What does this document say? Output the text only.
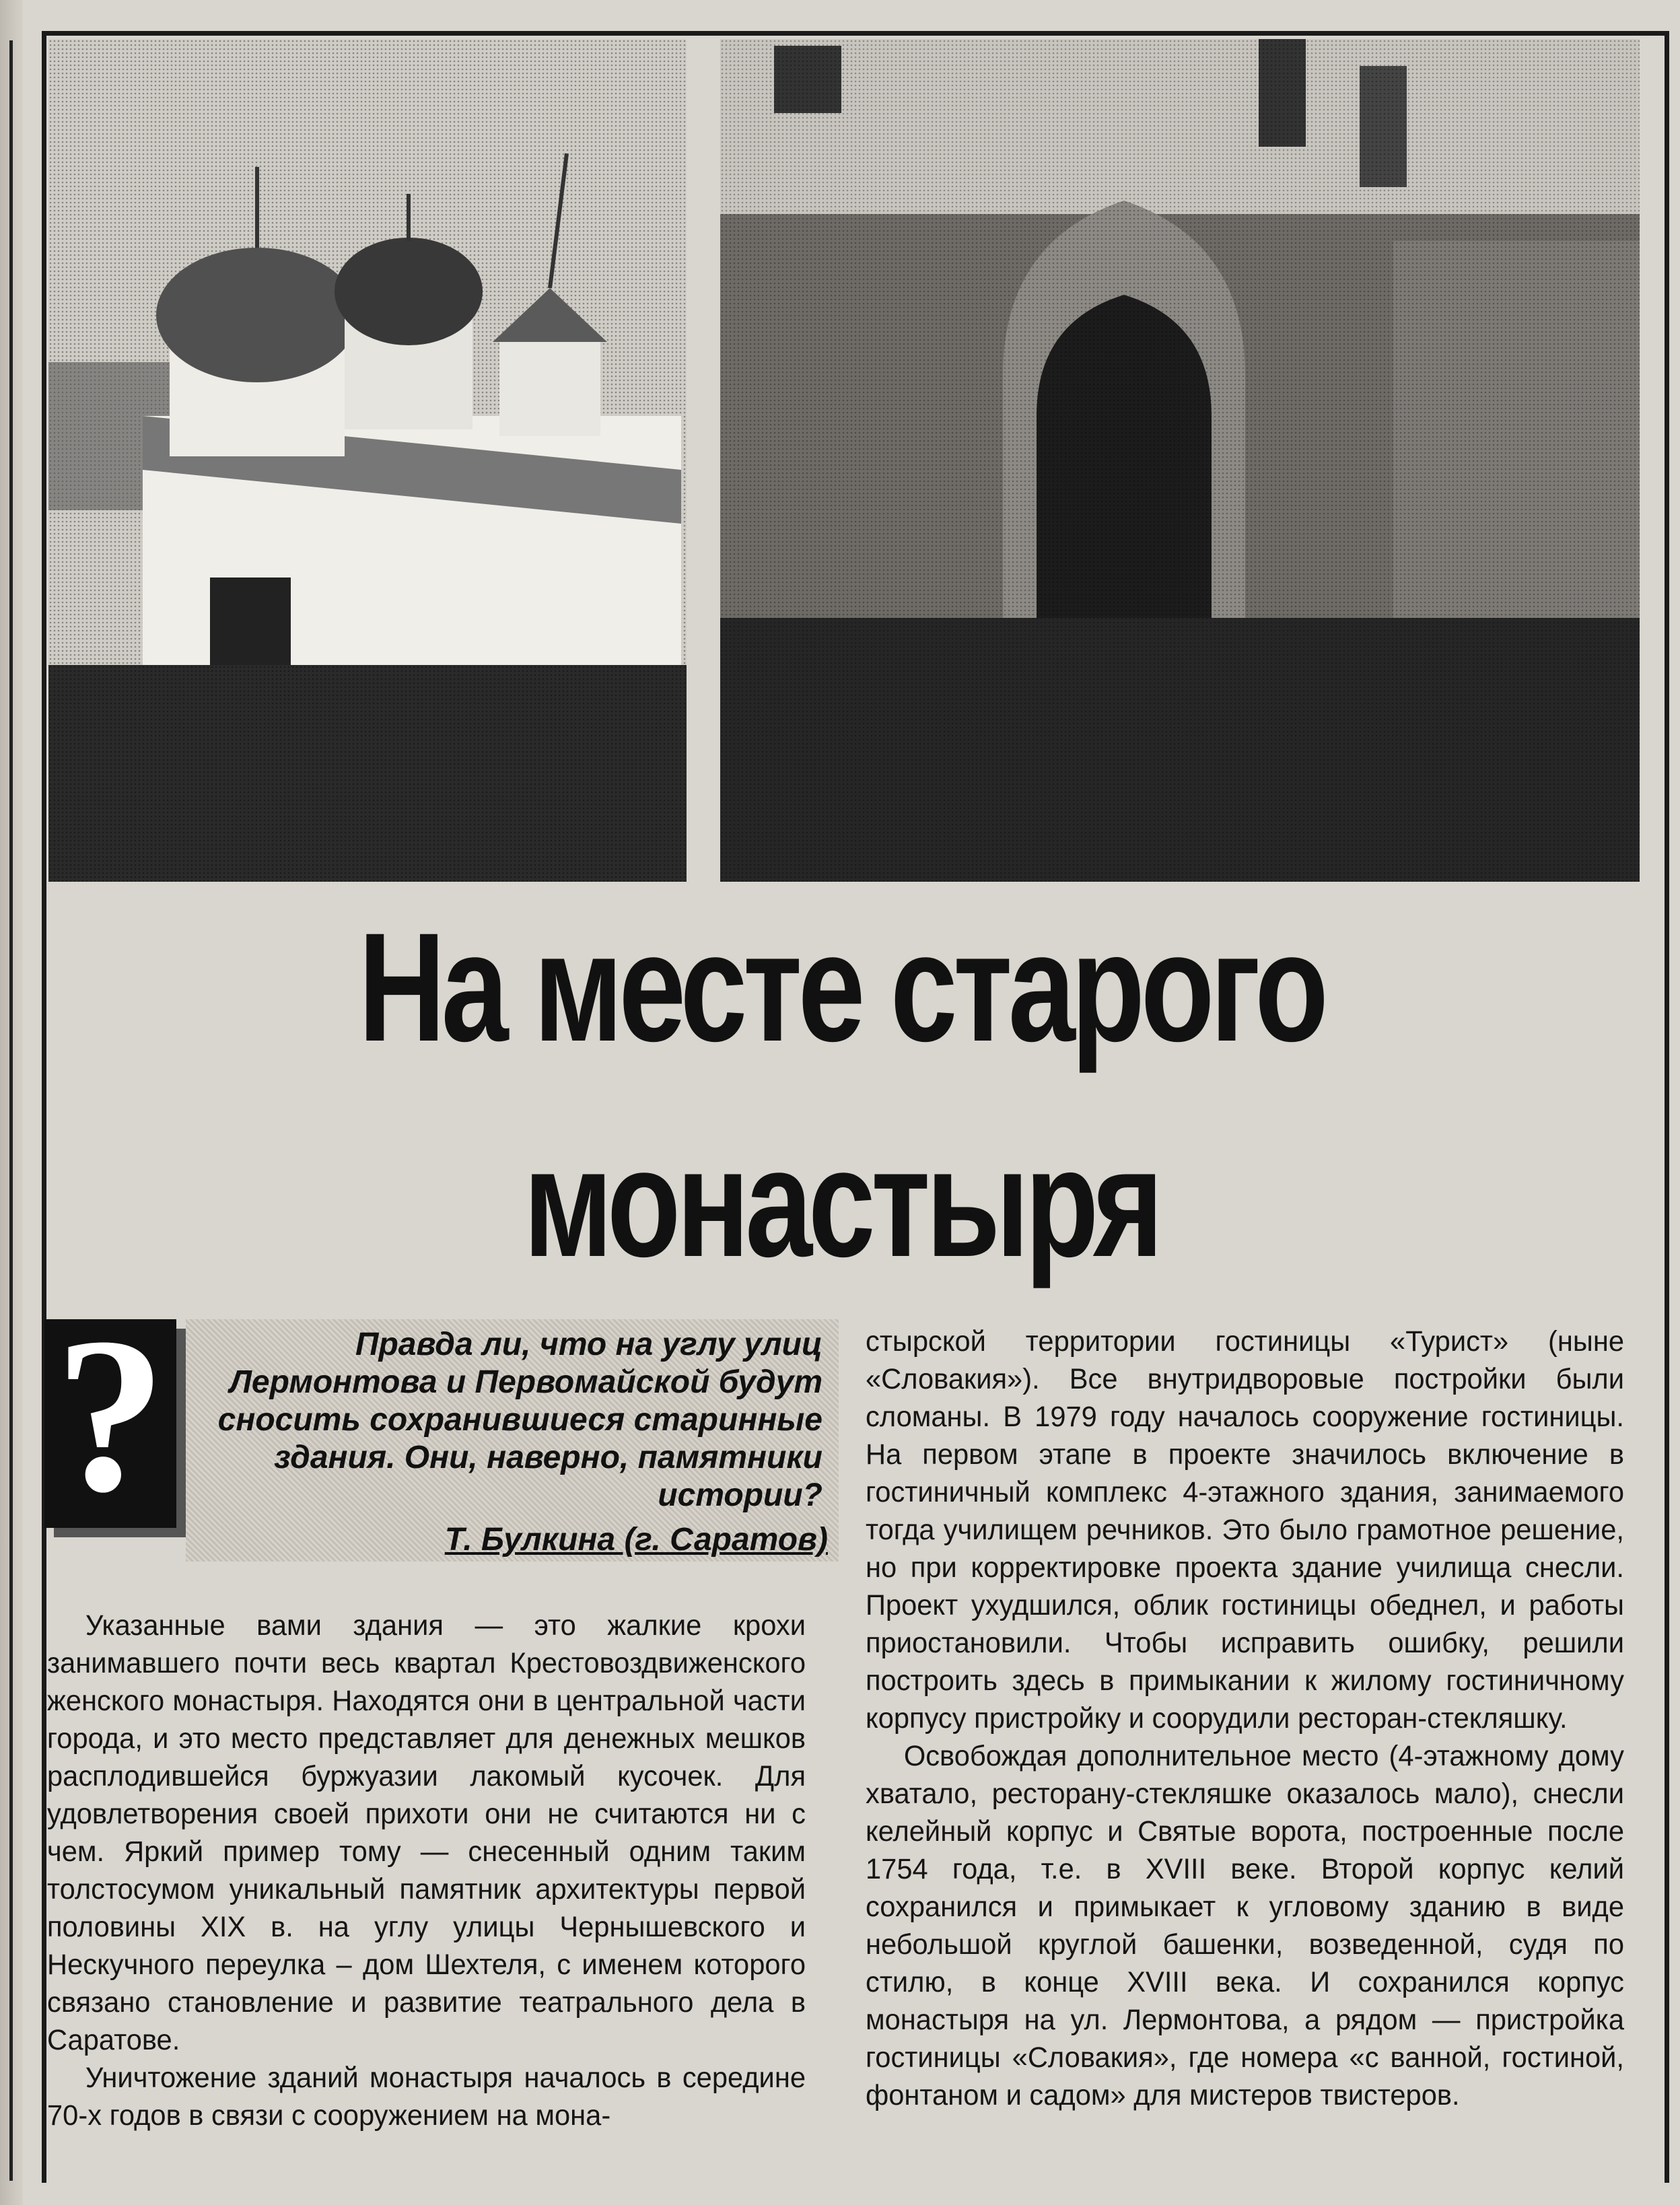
На месте старого
монастыря
?	Правда ли, что на углу улиц Лермонтова и Первомайской будут сносить сохранившиеся старинные здания. Они, наверно, памятники истории?
Т. Булкина (г. Саратов)

Указанные вами здания — это жалкие крохи занимавшего почти весь квартал Крестовоздвиженского женского монастыря. Находятся они в центральной части города, и это место представляет для денежных мешков расплодившейся буржуазии лакомый кусочек. Для удовлетворения своей прихоти они не считаются ни с чем. Яркий пример тому — снесенный одним таким толстосумом уникальный памятник архитектуры первой половины XIX в. на углу улицы Чернышевского и Нескучного переулка – дом Шехтеля, с именем которого связано становление и развитие театрального дела в Саратове.

Уничтожение зданий монастыря началось в середине 70-х годов в связи с сооружением на мона-

стырской территории гостиницы «Турист» (ныне «Словакия»). Все внутридворовые постройки были сломаны. В 1979 году началось сооружение гостиницы. На первом этапе в проекте значилось включение в гостиничный комплекс 4-этажного здания, занимаемого тогда училищем речников. Это было грамотное решение, но при корректировке проекта здание училища снесли. Проект ухудшился, облик гостиницы обеднел, и работы приостановили. Чтобы исправить ошибку, решили построить здесь в примыкании к жилому гостиничному корпусу пристройку и соорудили ресторан-стекляшку.

Освобождая дополнительное место (4-этажному дому хватало, ресторану-стекляшке оказалось мало), снесли келейный корпус и Святые ворота, построенные после 1754 года, т.е. в XVIII веке. Второй корпус келий сохранился и примыкает к угловому зданию в виде небольшой круглой башенки, возведенной, судя по стилю, в конце XVIII века. И сохранился корпус монастыря на ул. Лермонтова, а рядом — пристройка гостиницы «Словакия», где номера «с ванной, гостиной, фонтаном и садом» для мистеров твистеров.
